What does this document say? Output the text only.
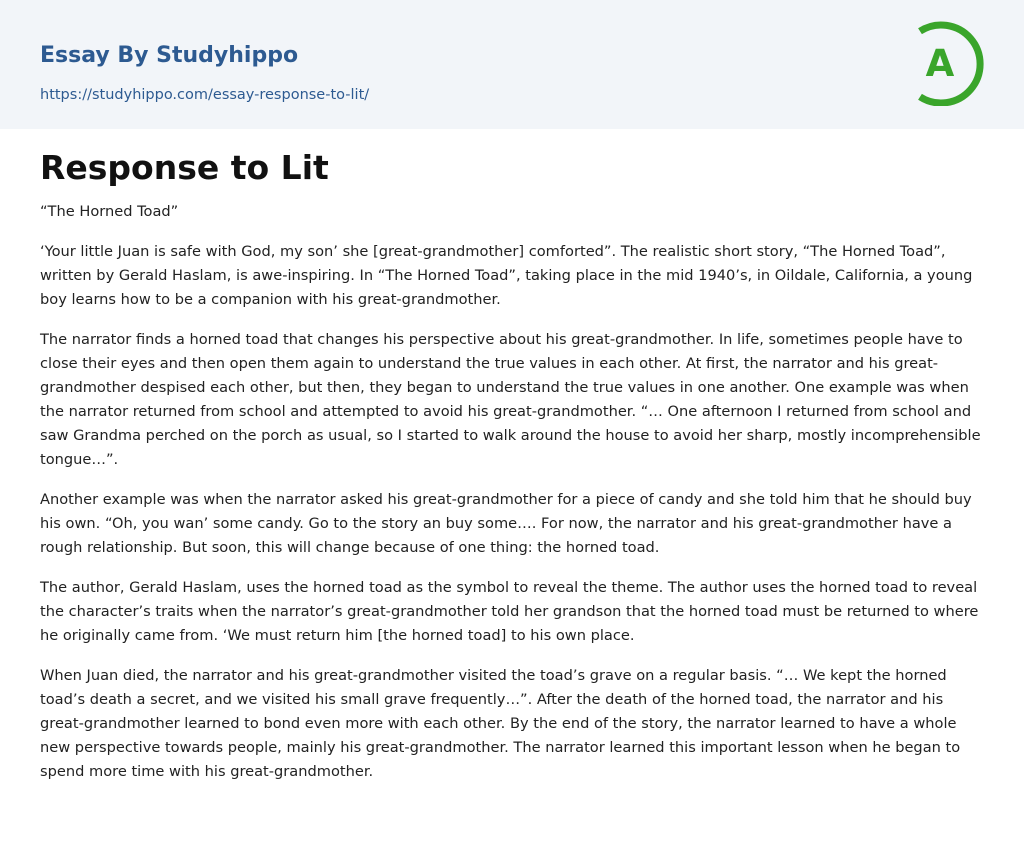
Essay By Studyhippo
https://studyhippo.com/essay-response-to-lit/
A
Response to Lit

“The Horned Toad”

‘Your little Juan is safe with God, my son’ she [great-grandmother] comforted”. The realistic short story, “The Horned Toad”, written by Gerald Haslam, is awe-inspiring. In “The Horned Toad”, taking place in the mid 1940’s, in Oildale, California, a young boy learns how to be a companion with his great-grandmother.

The narrator finds a horned toad that changes his perspective about his great-grandmother. In life, sometimes people have to close their eyes and then open them again to understand the true values in each other. At first, the narrator and his great-grandmother despised each other, but then, they began to understand the true values in one another. One example was when the narrator returned from school and attempted to avoid his great-grandmother. “… One afternoon I returned from school and saw Grandma perched on the porch as usual, so I started to walk around the house to avoid her sharp, mostly incomprehensible tongue…”.

Another example was when the narrator asked his great-grandmother for a piece of candy and she told him that he should buy his own. “Oh, you wan’ some candy. Go to the story an buy some…. For now, the narrator and his great-grandmother have a rough relationship. But soon, this will change because of one thing: the horned toad.

The author, Gerald Haslam, uses the horned toad as the symbol to reveal the theme. The author uses the horned toad to reveal the character’s traits when the narrator’s great-grandmother told her grandson that the horned toad must be returned to where he originally came from. ‘We must return him [the horned toad] to his own place.

When Juan died, the narrator and his great-grandmother visited the toad’s grave on a regular basis. “… We kept the horned toad’s death a secret, and we visited his small grave frequently…”. After the death of the horned toad, the narrator and his great-grandmother learned to bond even more with each other. By the end of the story, the narrator learned to have a whole new perspective towards people, mainly his great-grandmother. The narrator learned this important lesson when he began to spend more time with his great-grandmother.
